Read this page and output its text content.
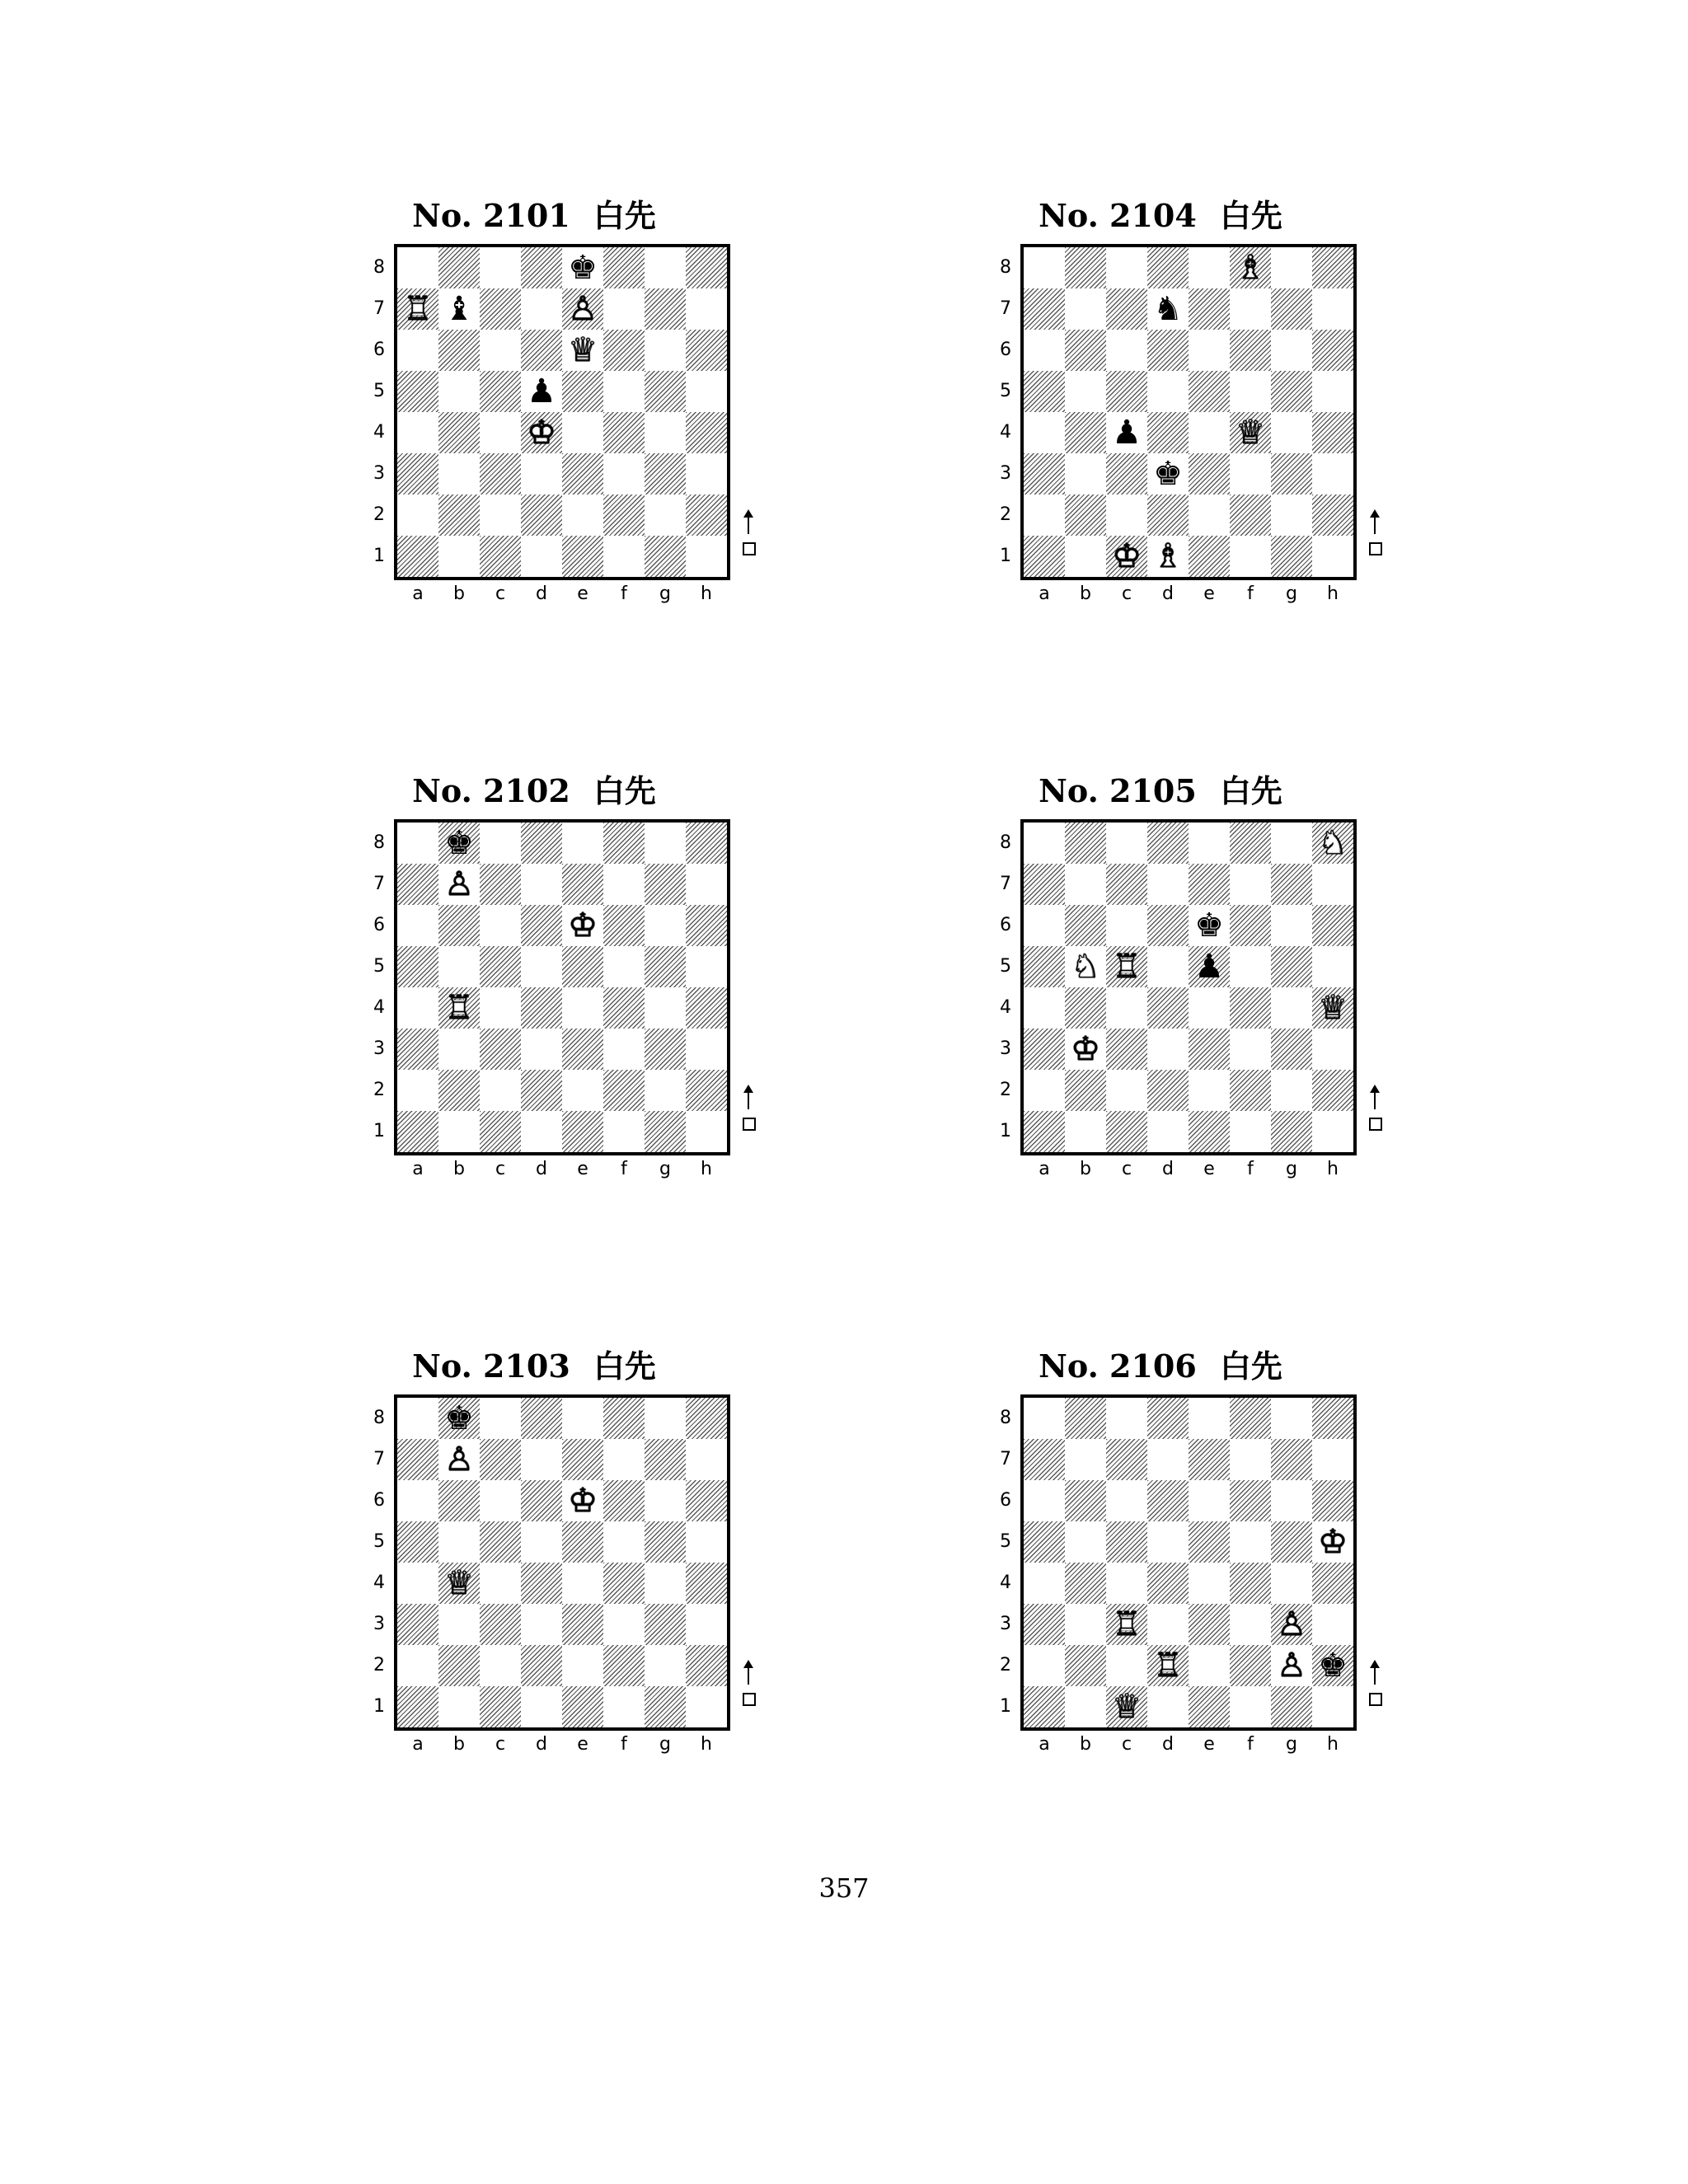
No. 2101 白先
8
7
6
5
4
3
2
1
♚
♖ ♜ ♝	♙ ♟
♕ ♛
♟
♔ ♚
a	b	c	d	e	f	g	h
No. 2102 白先
8
7
6
5
4
3
2
1
♚
♙ ♟
♔ ♚
♖ ♜
a	b	c	d	e	f	g	h
No. 2103 白先
8
7
6
5
4
3
2
1
♚
♙ ♟
♔ ♚
♕ ♛
a	b	c	d	e	f	g	h
No. 2104 白先
8
7
6
5
4
3
2
1
♗ ♝
♞
♟	♕ ♛
♚
♔ ♚ ♗ ♝
a	b	c	d	e	f	g	h
No. 2105 白先
8
7
6
5
4
3
2
1
♘ ♞
♚
♘ ♞ ♖ ♜ ♟
♕ ♛
♔ ♚
a	b	c	d	e	f	g	h
No. 2106 白先
8
7
6
5
4
3
2
1
♔ ♚
♖ ♜	♙ ♟
♖ ♜	♙ ♟ ♚
♕ ♛
a	b	c	d	e	f	g	h
357
